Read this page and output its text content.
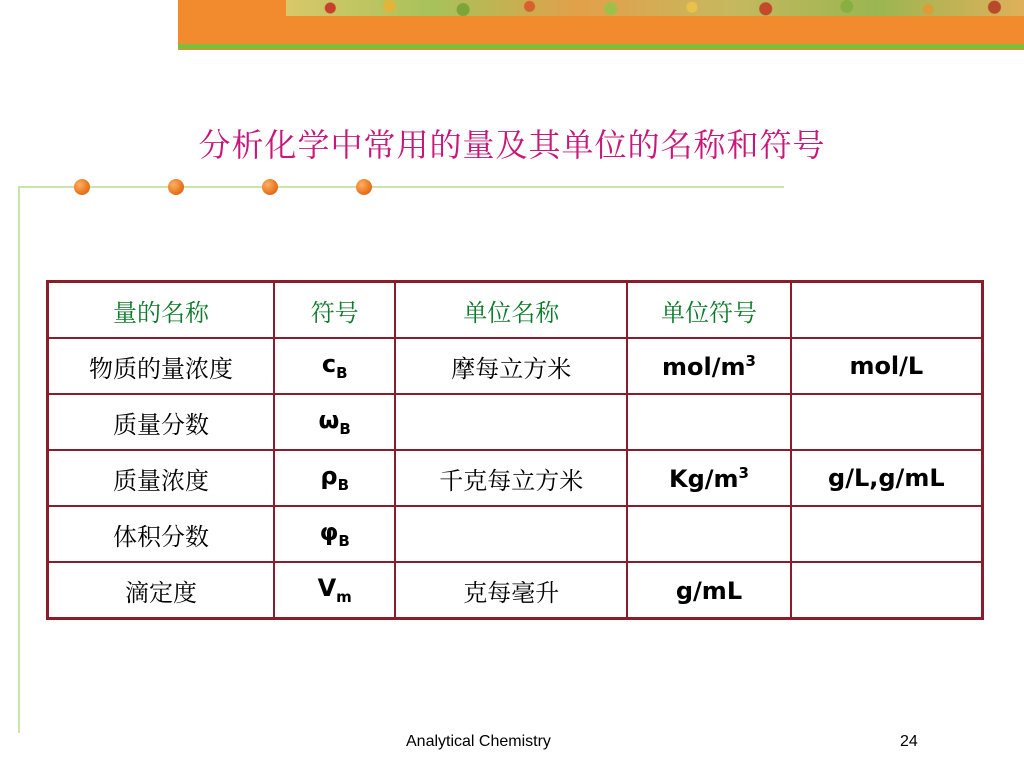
分析化学中常用的量及其单位的名称和符号
量的名称	符号	单位名称	单位符号	
物质的量浓度	$c_B$	摩每立方米	mol/$m^3$	mol/L
质量分数	$\omega_B$			
质量浓度	$\rho_B$	千克每立方米	$Kg/m^3$	g/L,g/mL
体积分数	$\varphi_B$			
滴定度	$V_m$	克每毫升	g/mL	
Analytical Chemistry	24
